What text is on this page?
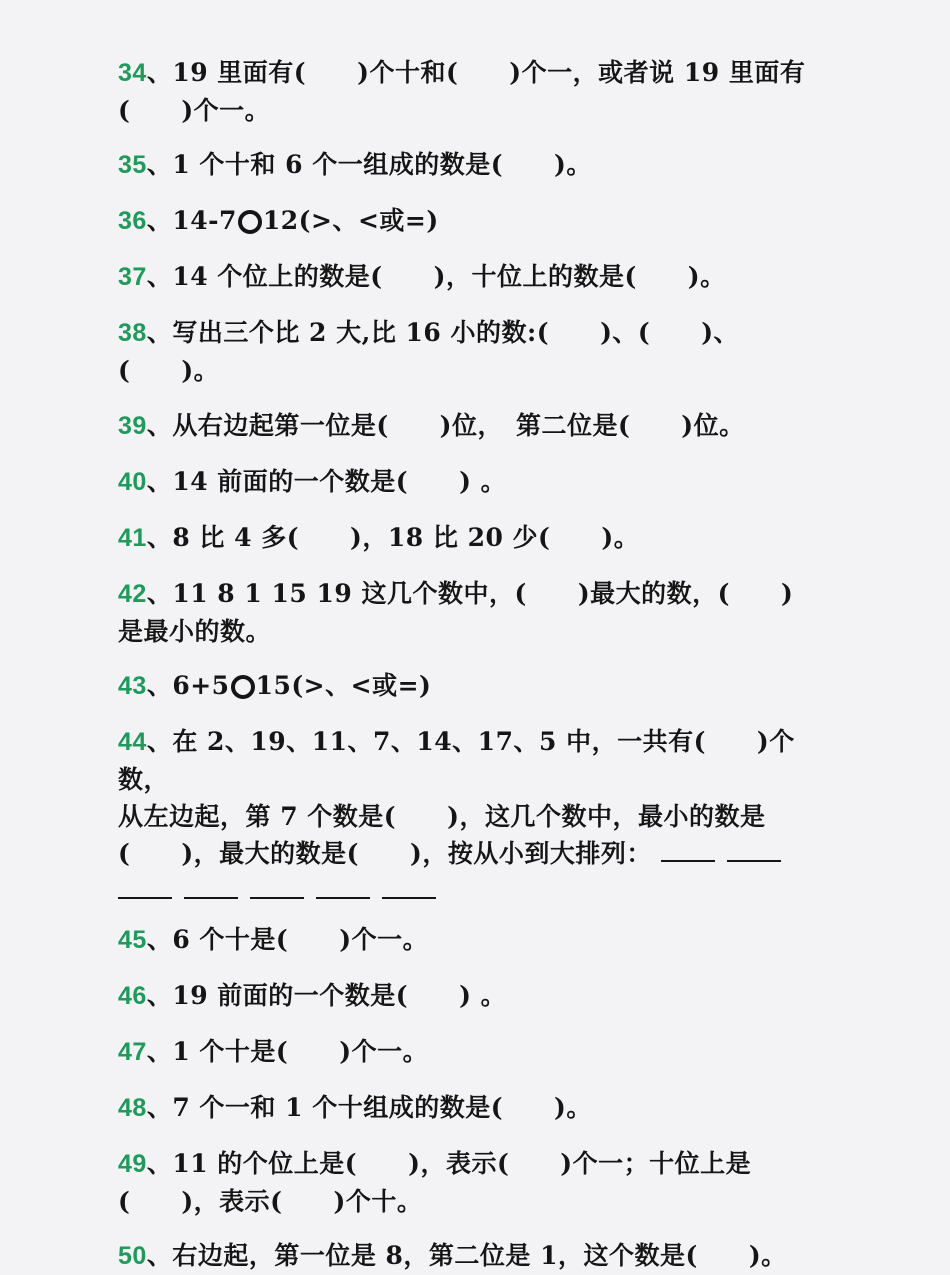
34、19 里面有(　　)个十和(　　)个一，或者说 19 里面有
(　　)个一。

35、1 个十和 6 个一组成的数是(　　)。

36、14-7 12(>、<或=)

37、14 个位上的数是(　　)，十位上的数是(　　)。

38、写出三个比 2 大,比 16 小的数:(　　)、(　　)、(　　)。

39、从右边起第一位是(　　)位，　第二位是(　　)位。

40、14 前面的一个数是(　　) 。

41、8 比 4 多(　　)，18 比 20 少(　　)。

42、11 8 1 15 19 这几个数中，(　　)最大的数，(　　)
是最小的数。

43、6+5 15(>、<或=)

44、在 2、19、11、7、14、17、5 中，一共有(　　)个数，
从左边起，第 7 个数是(　　)，这几个数中，最小的数是
(　　)，最大的数是(　　)，按从小到大排列：

45、6 个十是(　　)个一。

46、19 前面的一个数是(　　) 。

47、1 个十是(　　)个一。

48、7 个一和 1 个十组成的数是(　　)。

49、11 的个位上是(　　)，表示(　　)个一；十位上是
(　　)，表示(　　)个十。

50、右边起，第一位是 8，第二位是 1，这个数是(　　)。
